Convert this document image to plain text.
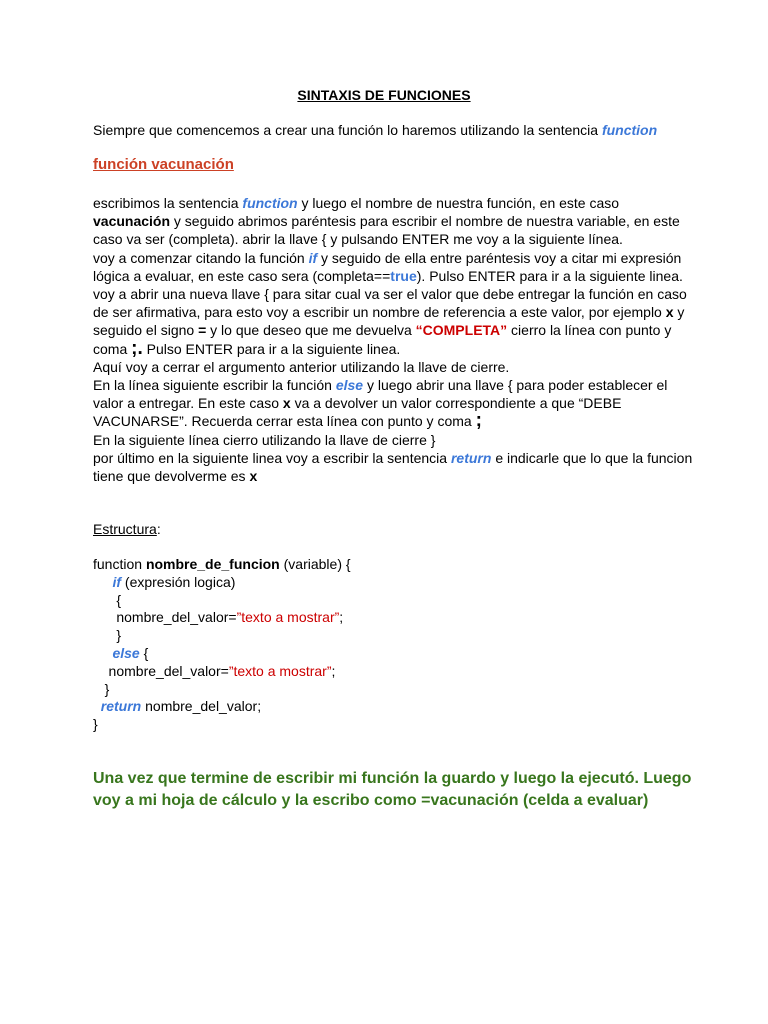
SINTAXIS DE FUNCIONES
Siempre que comencemos a crear una función lo haremos utilizando la sentencia function
función vacunación
escribimos la sentencia function y luego el nombre de nuestra función, en este caso vacunación y seguido abrimos paréntesis para escribir el nombre de nuestra variable, en este caso va ser (completa). abrir la llave { y pulsando ENTER me voy a la siguiente línea.
voy a comenzar citando la función if y seguido de ella entre paréntesis voy a citar mi expresión lógica a evaluar, en este caso sera (completa==true). Pulso ENTER para ir a la siguiente linea.
voy a abrir una nueva llave { para sitar cual va ser el valor que debe entregar la función en caso de ser afirmativa, para esto voy a escribir un nombre de referencia a este valor, por ejemplo x y seguido el signo = y lo que deseo que me devuelva “COMPLETA” cierro la línea con punto y coma ;. Pulso ENTER para ir a la siguiente linea.
Aquí voy a cerrar el argumento anterior utilizando la llave de cierre.
En la línea siguiente escribir la función else y luego abrir una llave { para poder establecer el valor a entregar. En este caso x va a devolver un valor correspondiente a que “DEBE VACUNARSE”. Recuerda cerrar esta línea con punto y coma ;
En la siguiente línea cierro utilizando la llave de cierre }
por último en la siguiente linea voy a escribir la sentencia return e indicarle que lo que la funcion tiene que devolverme es x
Estructura:
function nombre_de_funcion (variable) {
if (expresión logica)
{
nombre_del_valor=”texto a mostrar”;
}
else {
nombre_del_valor=”texto a mostrar”;
}
return nombre_del_valor;
}
Una vez que termine de escribir mi función la guardo y luego la ejecutó. Luego voy a mi hoja de cálculo y la escribo como =vacunación (celda a evaluar)
